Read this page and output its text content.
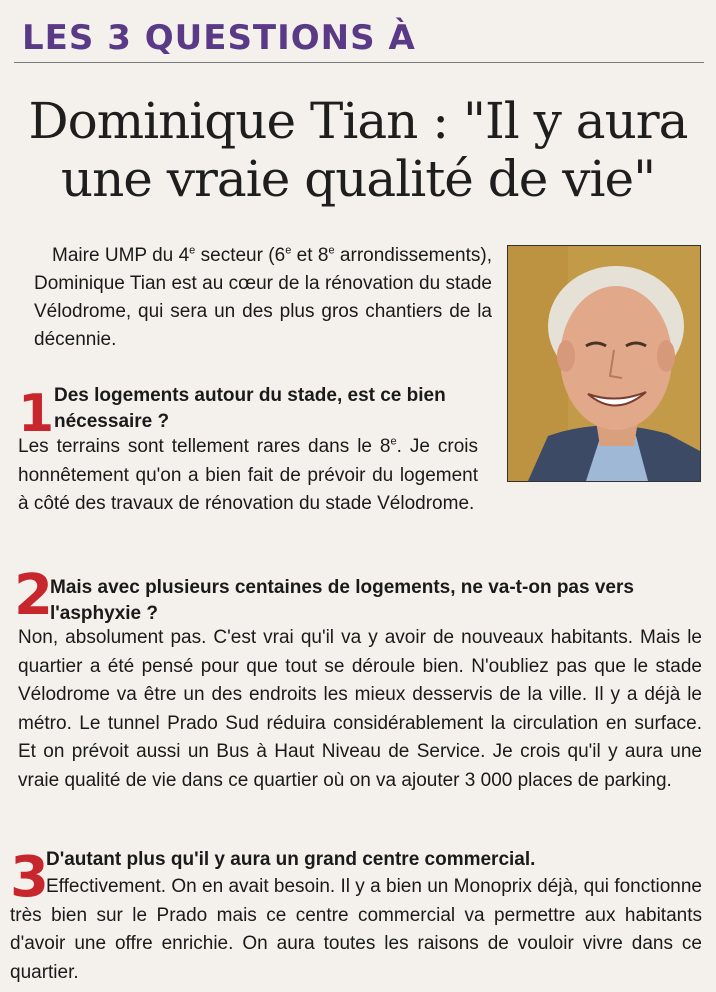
LES 3 QUESTIONS À
Dominique Tian : "Il y aura
une vraie qualité de vie"
Maire UMP du 4e secteur (6e et 8e arrondissements), Dominique Tian est au cœur de la rénovation du stade Vélodrome, qui sera un des plus gros chantiers de la décennie.
1 Des logements autour du stade, est ce bien nécessaire ?
Les terrains sont tellement rares dans le 8e. Je crois honnêtement qu'on a bien fait de prévoir du logement à côté des travaux de rénovation du stade Vélodrome.
2
Mais avec plusieurs centaines de logements, ne va-t-on pas vers l'asphyxie ?
Non, absolument pas. C'est vrai qu'il va y avoir de nouveaux habitants. Mais le quartier a été pensé pour que tout se déroule bien. N'oubliez pas que le stade Vélodrome va être un des endroits les mieux desservis de la ville. Il y a déjà le métro. Le tunnel Prado Sud réduira considérablement la circulation en surface. Et on prévoit aussi un Bus à Haut Niveau de Service. Je crois qu'il y aura une vraie qualité de vie dans ce quartier où on va ajouter 3 000 places de parking.
3
D'autant plus qu'il y aura un grand centre commercial.
Effectivement. On en avait besoin. Il y a bien un Monoprix déjà, qui fonctionne très bien sur le Prado mais ce centre commercial va permettre aux habitants d'avoir une offre enrichie. On aura toutes les raisons de vouloir vivre dans ce quartier.
